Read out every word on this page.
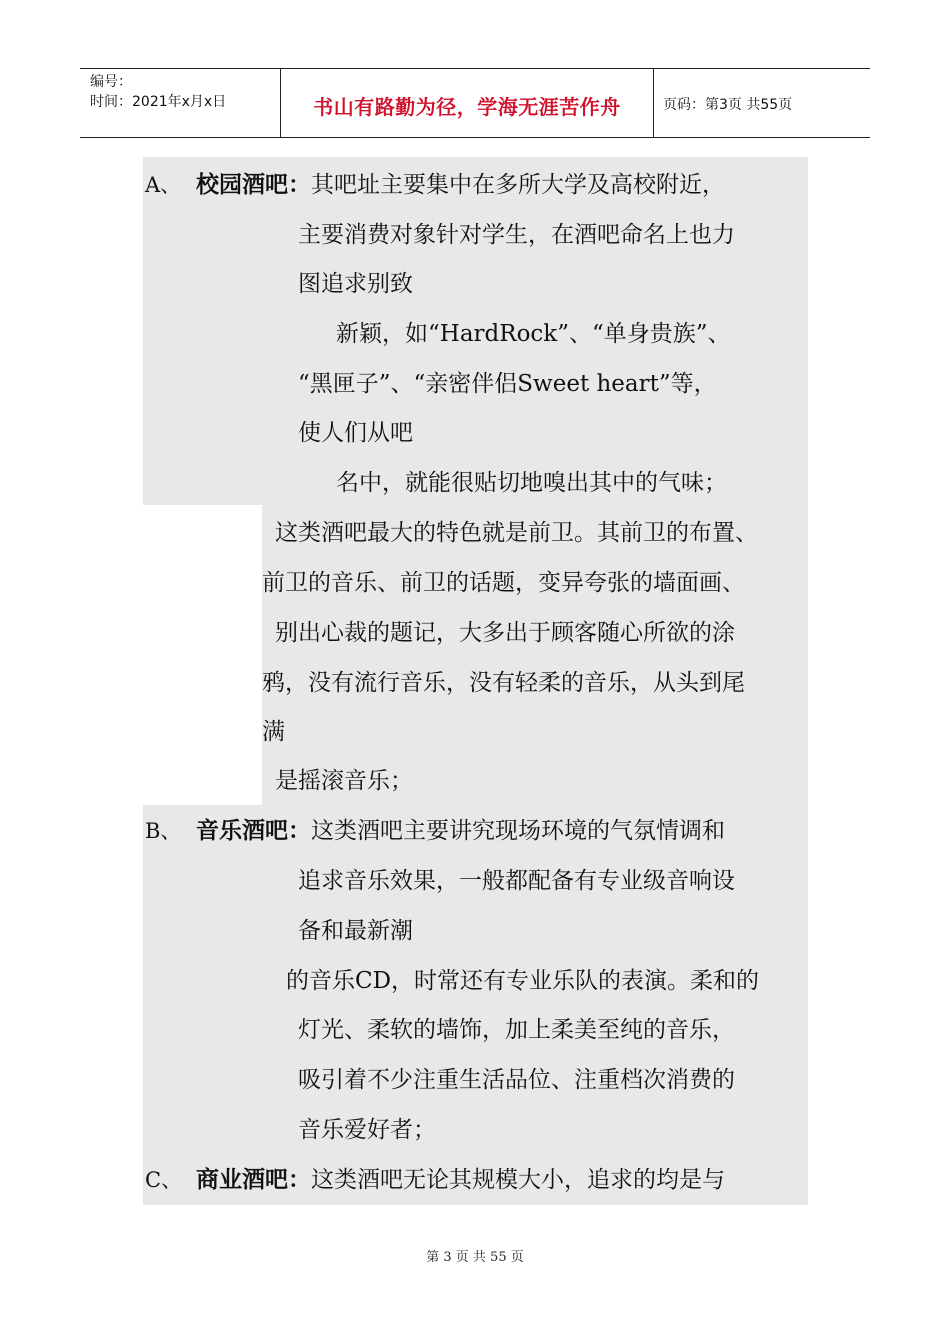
编号：
时间：2021年x月x日	书山有路勤为径，学海无涯苦作舟	页码：第3页 共55页
A、 校园酒吧：其吧址主要集中在多所大学及高校附近，
主要消费对象针对学生，在酒吧命名上也力
图追求别致
新颖，如“HardRock”、“单身贵族”、
“黑匣子”、“亲密伴侣Sweet heart”等，
使人们从吧
名中，就能很贴切地嗅出其中的气味；
这类酒吧最大的特色就是前卫。其前卫的布置、
前卫的音乐、前卫的话题，变异夸张的墙面画、
别出心裁的题记，大多出于顾客随心所欲的涂
鸦，没有流行音乐，没有轻柔的音乐，从头到尾
满
是摇滚音乐；
B、 音乐酒吧：这类酒吧主要讲究现场环境的气氛情调和
追求音乐效果，一般都配备有专业级音响设
备和最新潮
的音乐CD，时常还有专业乐队的表演。柔和的
灯光、柔软的墙饰，加上柔美至纯的音乐，
吸引着不少注重生活品位、注重档次消费的
音乐爱好者；
C、 商业酒吧：这类酒吧无论其规模大小，追求的均是与
第 3 页 共 55 页
